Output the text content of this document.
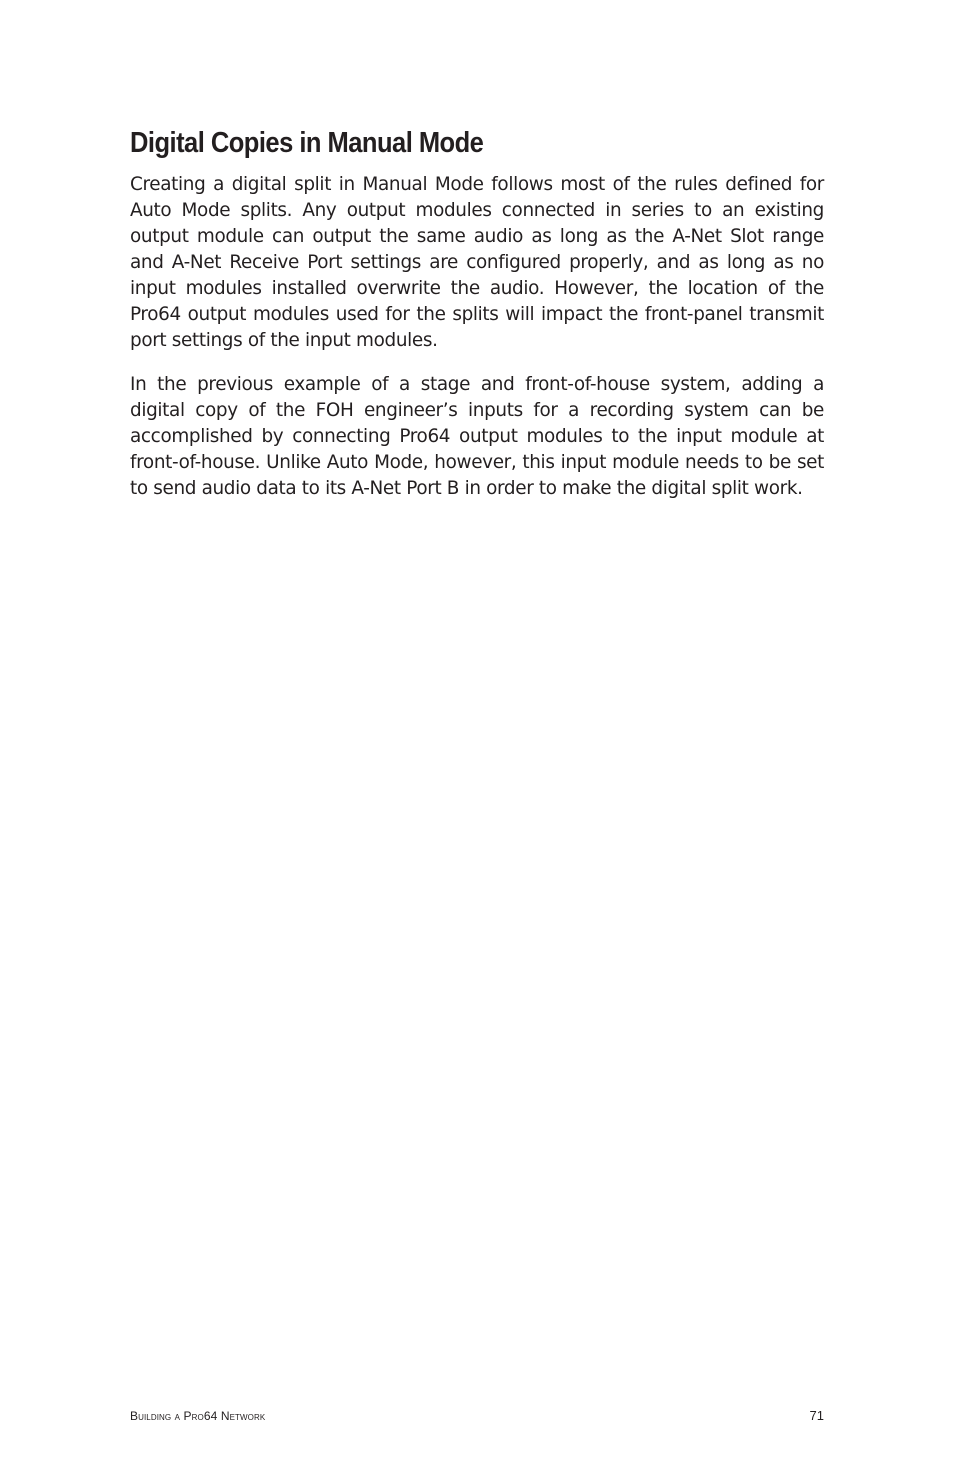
Digital Copies in Manual Mode

Creating a digital split in Manual Mode follows most of the rules defined for Auto Mode splits. Any output modules connected in series to an existing output module can output the same audio as long as the A-Net Slot range and A-Net Receive Port settings are configured properly, and as long as no input modules installed overwrite the audio. However, the location of the Pro64 output modules used for the splits will impact the front-panel transmit port settings of the input modules.

In the previous example of a stage and front-of-house system, adding a digital copy of the FOH engineer’s inputs for a recording system can be accomplished by connecting Pro64 output modules to the input module at front-of-house. Unlike Auto Mode, however, this input module needs to be set to send audio data to its A-Net Port B in order to make the digital split work.

Building a Pro64 Network	71
